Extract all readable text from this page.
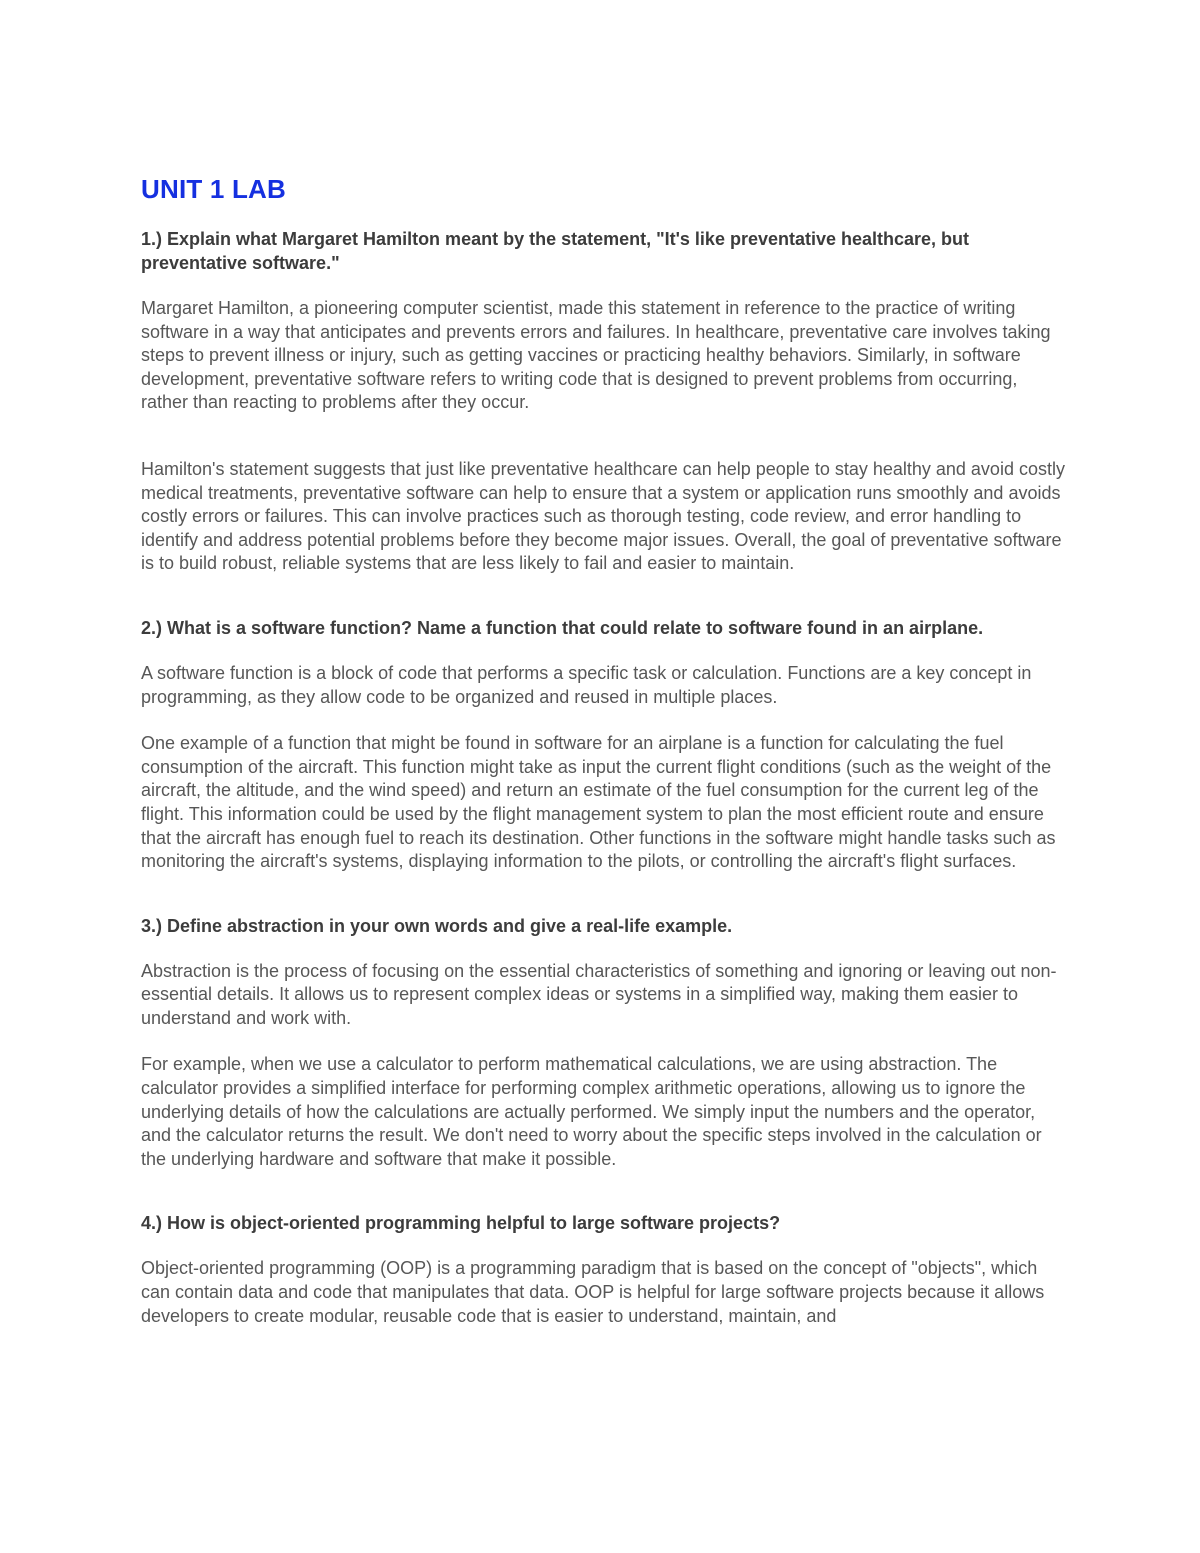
UNIT 1 LAB

1.) Explain what Margaret Hamilton meant by the statement, "It's like preventative healthcare, but preventative software."

Margaret Hamilton, a pioneering computer scientist, made this statement in reference to the practice of writing software in a way that anticipates and prevents errors and failures. In healthcare, preventative care involves taking steps to prevent illness or injury, such as getting vaccines or practicing healthy behaviors. Similarly, in software development, preventative software refers to writing code that is designed to prevent problems from occurring, rather than reacting to problems after they occur.

Hamilton's statement suggests that just like preventative healthcare can help people to stay healthy and avoid costly medical treatments, preventative software can help to ensure that a system or application runs smoothly and avoids costly errors or failures. This can involve practices such as thorough testing, code review, and error handling to identify and address potential problems before they become major issues. Overall, the goal of preventative software is to build robust, reliable systems that are less likely to fail and easier to maintain.

2.) What is a software function? Name a function that could relate to software found in an airplane.

A software function is a block of code that performs a specific task or calculation. Functions are a key concept in programming, as they allow code to be organized and reused in multiple places.

One example of a function that might be found in software for an airplane is a function for calculating the fuel consumption of the aircraft. This function might take as input the current flight conditions (such as the weight of the aircraft, the altitude, and the wind speed) and return an estimate of the fuel consumption for the current leg of the flight. This information could be used by the flight management system to plan the most efficient route and ensure that the aircraft has enough fuel to reach its destination. Other functions in the software might handle tasks such as monitoring the aircraft's systems, displaying information to the pilots, or controlling the aircraft's flight surfaces.

3.) Define abstraction in your own words and give a real-life example.

Abstraction is the process of focusing on the essential characteristics of something and ignoring or leaving out non-essential details. It allows us to represent complex ideas or systems in a simplified way, making them easier to understand and work with.

For example, when we use a calculator to perform mathematical calculations, we are using abstraction. The calculator provides a simplified interface for performing complex arithmetic operations, allowing us to ignore the underlying details of how the calculations are actually performed. We simply input the numbers and the operator, and the calculator returns the result. We don't need to worry about the specific steps involved in the calculation or the underlying hardware and software that make it possible.

4.) How is object-oriented programming helpful to large software projects?

Object-oriented programming (OOP) is a programming paradigm that is based on the concept of "objects", which can contain data and code that manipulates that data. OOP is helpful for large software projects because it allows developers to create modular, reusable code that is easier to understand, maintain, and
